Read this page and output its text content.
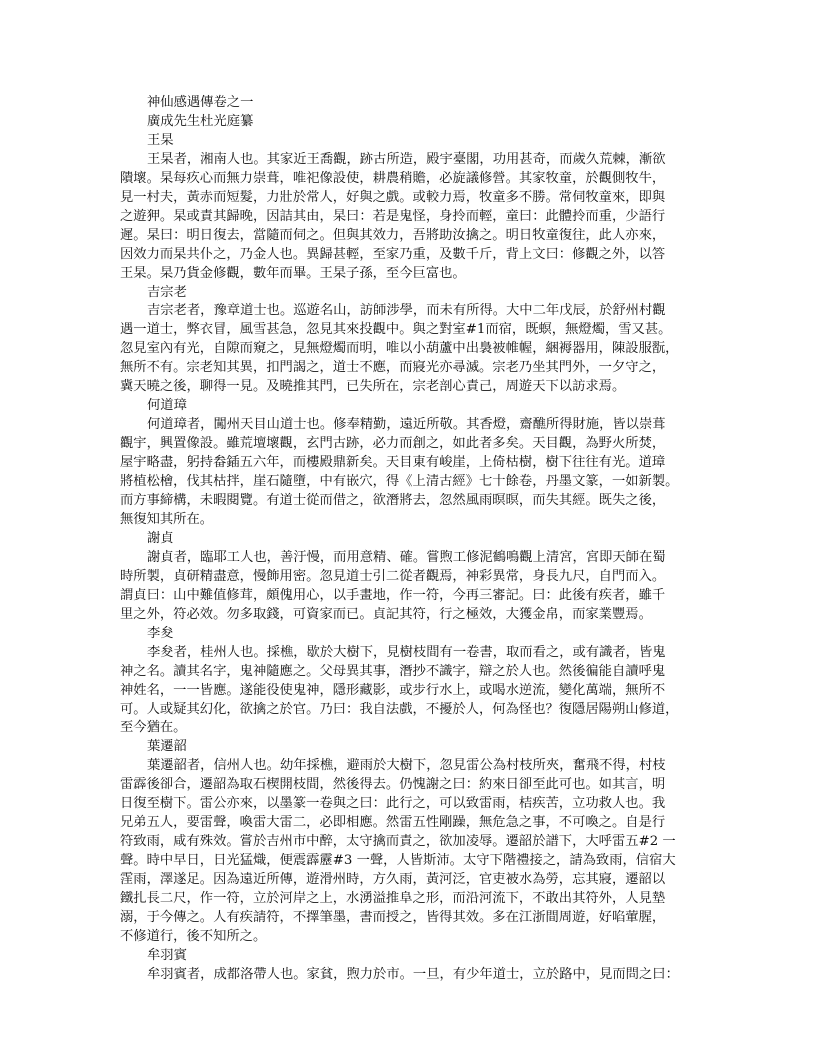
神仙感遇傳卷之一

廣成先生杜光庭纂

王杲

王杲者，湘南人也。其家近王喬觀，跡古所造，殿宇臺閣，功用甚奇，而歲久荒棘，漸欲

隤壞。杲每疚心而無力崇葺，唯祀像設使，耕農稍贍，必旋議修營。其家牧童，於觀側牧牛，

見一村夫，黃赤而短髮，力壯於常人，好與之戲。或較力焉，牧童多不勝。常伺牧童來，即與

之遊狎。杲或責其歸晚，因詰其由，杲曰：若是鬼怪，身拎而輕，童曰：此體拎而重，少語行

遲。杲曰：明日復去，當隨而伺之。但與其效力，吾將助汝擒之。明日牧童復往，此人亦來，

因效力而杲共仆之，乃金人也。異歸甚輕，至家乃重，及數千斤，背上文曰：修觀之外，以答

王杲。杲乃貨金修觀，數年而畢。王杲子孫，至今巨富也。

吉宗老

吉宗老者，豫章道士也。巡遊名山，訪師涉學，而未有所得。大中二年戊辰，於舒州村觀

遇一道士，弊衣冒，風雪甚急，忽見其來投觀中。與之對室#1而宿，既螟，無燈燭，雪又甚。

忽見室內有光，自隙而窺之，見無燈燭而明，唯以小葫蘆中出裊被帷幄，綑褥器用，陳設服翫，

無所不有。宗老知其異，扣門謁之，道士不應，而寢光亦尋滅。宗老乃坐其門外，一夕守之，

冀天曉之後，聊得一見。及曉推其門，已失所在，宗老剖心責己，周遊天下以訪求焉。

何道璋

何道璋者，闖州天目山道士也。修奉精勤，遠近所敬。其香燈，齋醮所得財施，皆以崇葺

觀宇，興置像設。雖荒壇壞觀，玄門古跡，必力而創之，如此者多矣。天目觀，為野火所焚，

屋宇略盡，躬持畚鍤五六年，而樓殿鼎新矣。天目東有峻崖，上倚枯樹，樹下往往有光。道璋

將植松檜，伐其枯拌，崖石隨墮，中有嵌穴，得《上清古經》七十餘卷，丹墨文篆，一如新製。

而方事締構，未暇閱覽。有道士從而借之，欲潛將去，忽然風雨暝暝，而失其經。既失之後，

無復知其所在。

謝貞

謝貞者，臨耶工人也，善汙慢，而用意精、確。嘗煦工修泥鶴鳴觀上清宮，宮即天師在蜀

時所製，貞研精盡意，慢飾用密。忽見道士引二從者觀焉，神彩異常，身長九尺，自門而入。

謂貞曰：山中難值修茸，頗傀用心，以手畫地，作一符，今再三審記。曰：此後有疾者，雖千

里之外，符必效。勿多取錢，可資家而已。貞記其符，行之極效，大獲金帛，而家業豐焉。

李夋

李夋者，桂州人也。採樵，歇於大樹下，見樹枝間有一卷書，取而看之，或有識者，皆鬼

神之名。讀其名字，鬼神隨應之。父母異其事，潛抄不識字，辯之於人也。然後徧能自讀呼鬼

神姓名，一一皆應。遂能役使鬼神，隱形藏影，或步行水上，或喝水逆流，變化萬端，無所不

可。人或疑其幻化，欲擒之於官。乃曰：我自法戲，不擾於人，何為怪也？復隱居陽朔山修道，

至今猶在。

葉遷韶

葉遷韶者，信州人也。幼年採樵，避雨於大樹下，忽見雷公為村枝所夾，奮飛不得，村枝

雷霹後卻合，遷韶為取石楔開枝間，然後得去。仍愧謝之曰：約來日卻至此可也。如其言，明

日復至樹下。雷公亦來，以墨篆一卷與之曰：此行之，可以致雷雨，桔疾苦，立功救人也。我

兄弟五人，要雷聲，喚雷大雷二，必即相應。然雷五性剛躁，無危急之事，不可喚之。自是行

符致雨，咸有殊效。嘗於吉州市中醉，太守擒而責之，欲加凌辱。遷韶於譜下，大呼雷五#2 一

聲。時中早日，日光猛熾，便震霹靂#3 一聲，人皆斯沛。太守下階禮接之，請為致雨，信宿大

霔雨，澤遂足。因為遠近所傳，遊滑州時，方久雨，黃河泛，官吏被水為勞，忘其寢，遷韶以

鐵扎長二尺，作一符，立於河岸之上，水湧溢推阜之形，而沿河流下，不敢出其符外，人見墊

溺，于今傳之。人有疾請符，不擇筆墨，書而授之，皆得其效。多在江浙間周遊，好啗葷腥，

不修道行，後不知所之。

牟羽賓

牟羽賓者，成都洛帶人也。家貧，煦力於市。一旦，有少年道士，立於路中，見而問之曰：
